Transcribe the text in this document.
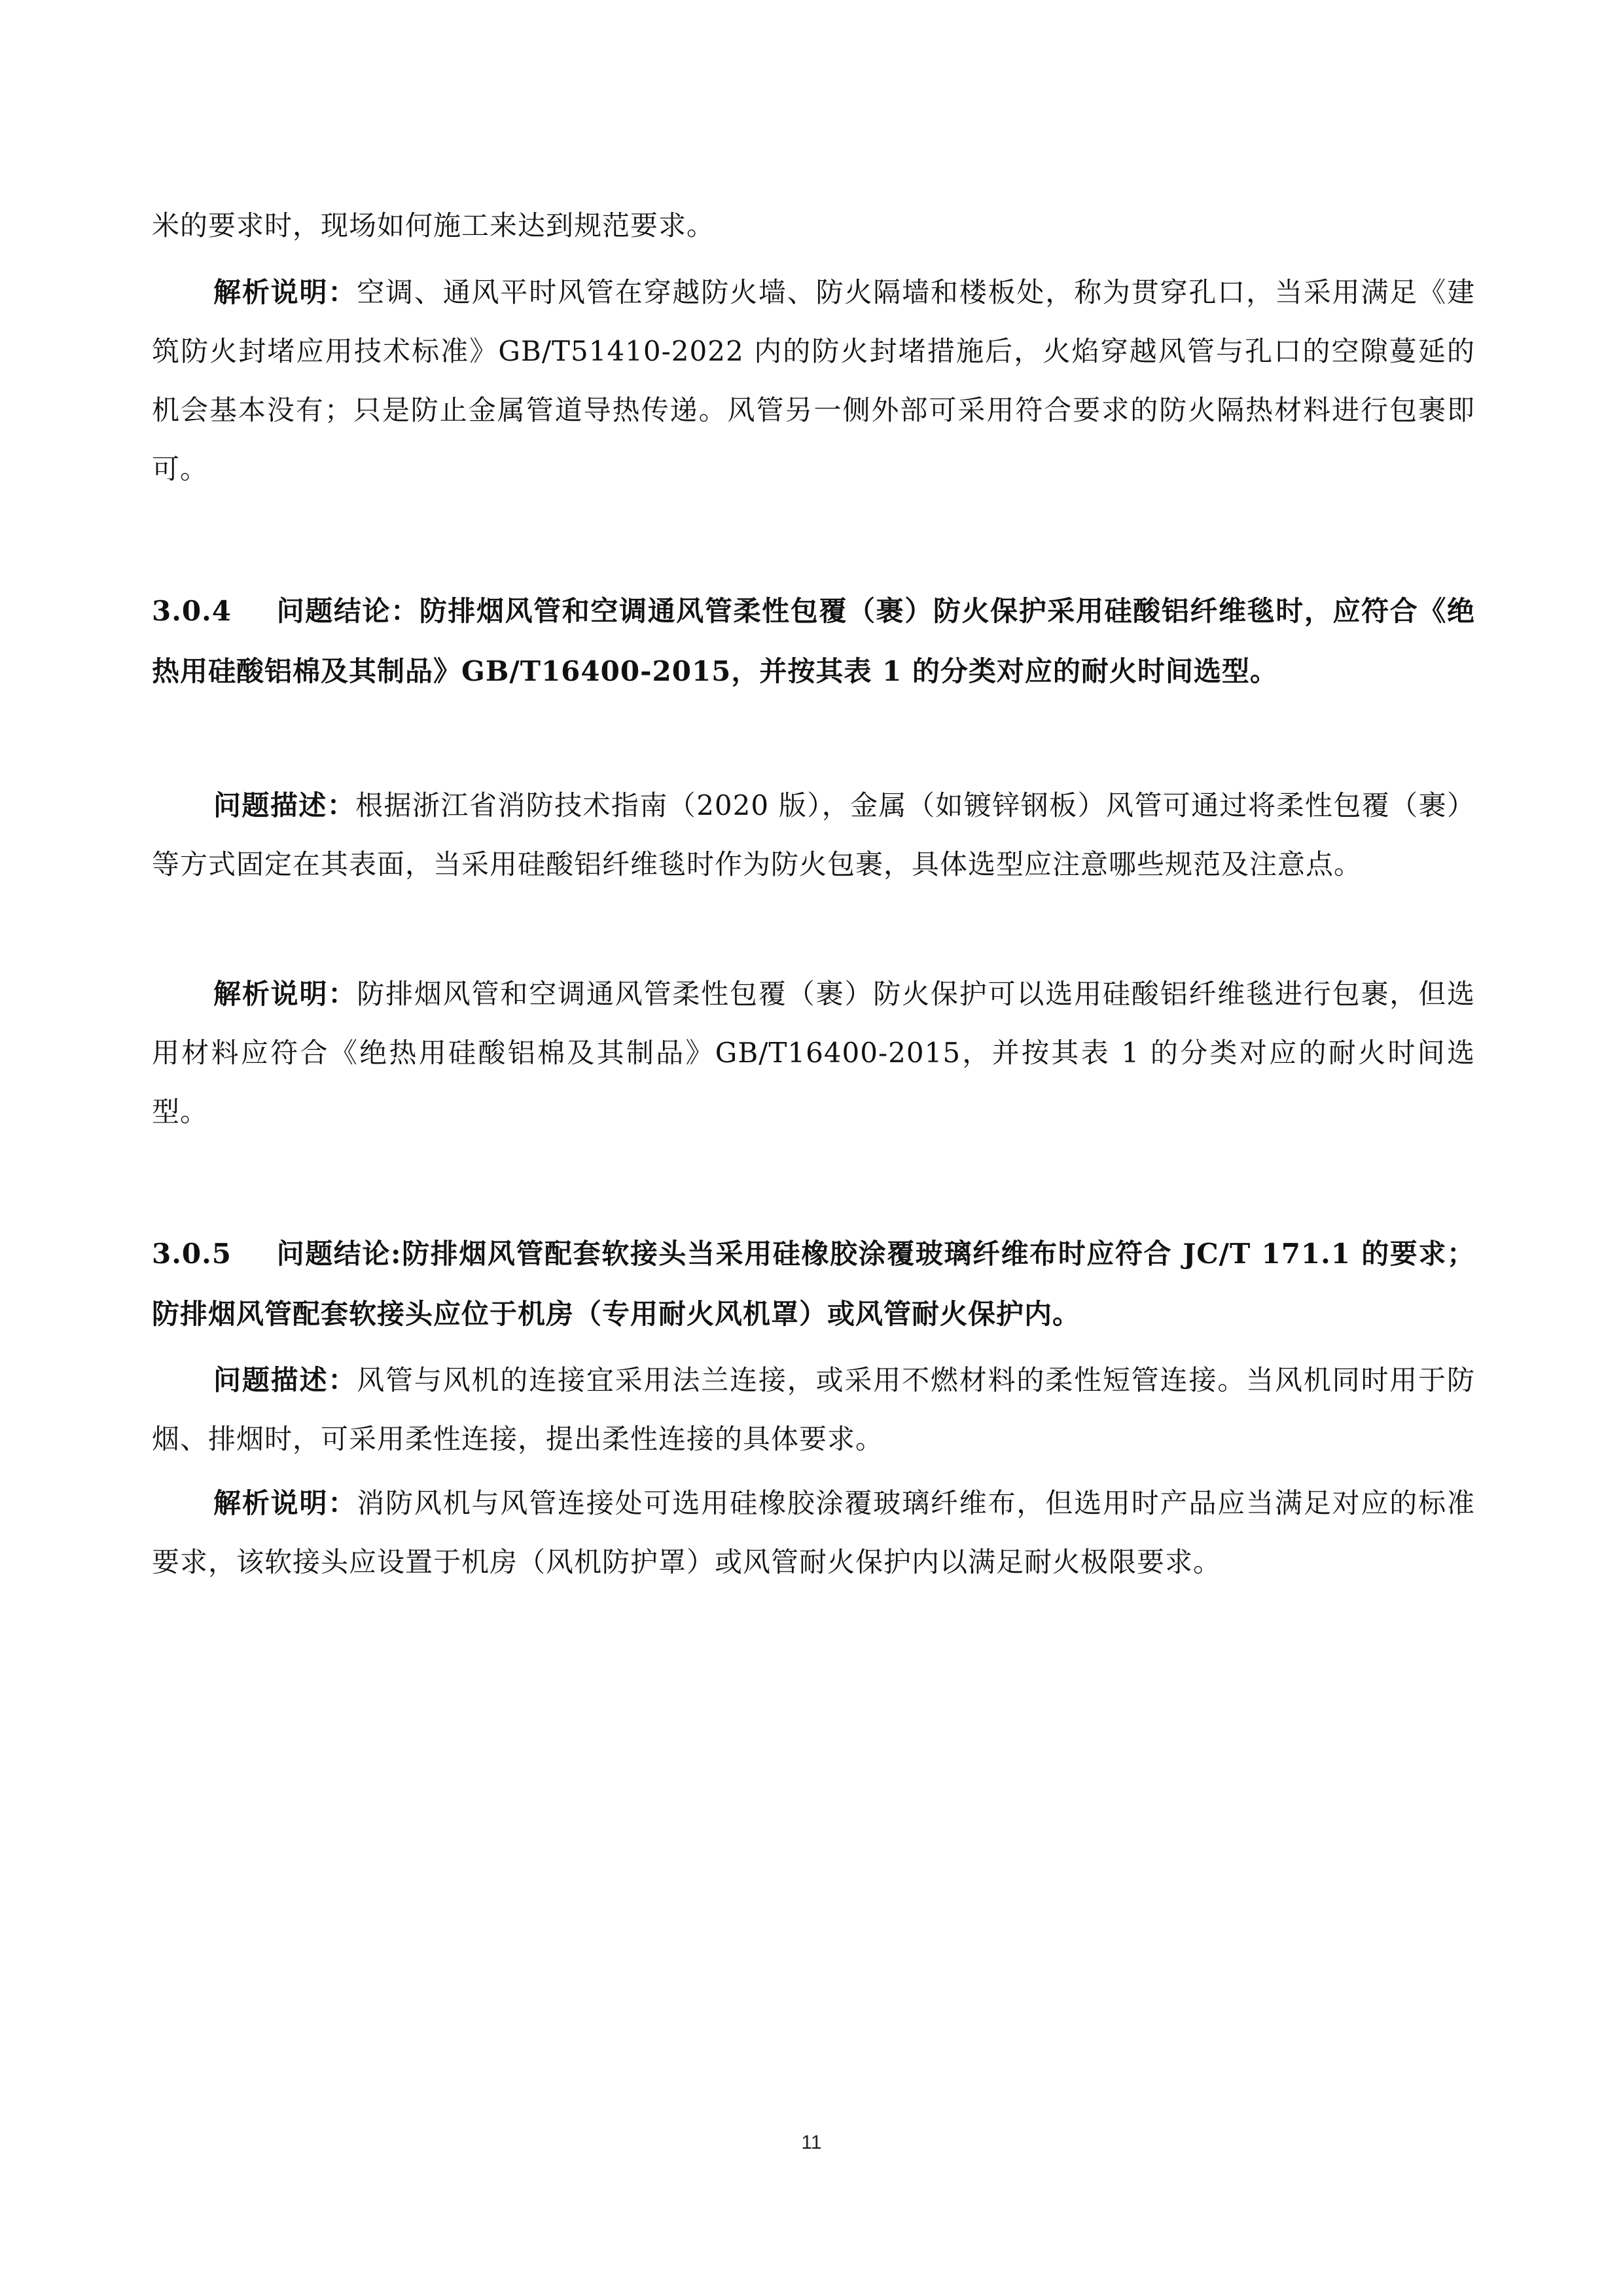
米的要求时，现场如何施工来达到规范要求。
解析说明：空调、通风平时风管在穿越防火墙、防火隔墙和楼板处，称为贯穿孔口，当采用满足《建筑防火封堵应用技术标准》GB/T51410-2022 内的防火封堵措施后，火焰穿越风管与孔口的空隙蔓延的机会基本没有；只是防止金属管道导热传递。风管另一侧外部可采用符合要求的防火隔热材料进行包裹即可。
3.0.4 问题结论：防排烟风管和空调通风管柔性包覆（裹）防火保护采用硅酸铝纤维毯时，应符合《绝热用硅酸铝棉及其制品》GB/T16400-2015，并按其表 1 的分类对应的耐火时间选型。
问题描述：根据浙江省消防技术指南（2020 版），金属（如镀锌钢板）风管可通过将柔性包覆（裹）等方式固定在其表面，当采用硅酸铝纤维毯时作为防火包裹，具体选型应注意哪些规范及注意点。
解析说明：防排烟风管和空调通风管柔性包覆（裹）防火保护可以选用硅酸铝纤维毯进行包裹，但选用材料应符合《绝热用硅酸铝棉及其制品》GB/T16400-2015，并按其表 1 的分类对应的耐火时间选型。
3.0.5 问题结论:防排烟风管配套软接头当采用硅橡胶涂覆玻璃纤维布时应符合 JC/T 171.1 的要求； 防排烟风管配套软接头应位于机房（专用耐火风机罩）或风管耐火保护内。
问题描述：风管与风机的连接宜采用法兰连接，或采用不燃材料的柔性短管连接。当风机同时用于防烟、排烟时，可采用柔性连接，提出柔性连接的具体要求。
解析说明：消防风机与风管连接处可选用硅橡胶涂覆玻璃纤维布，但选用时产品应当满足对应的标准要求，该软接头应设置于机房（风机防护罩）或风管耐火保护内以满足耐火极限要求。
11
